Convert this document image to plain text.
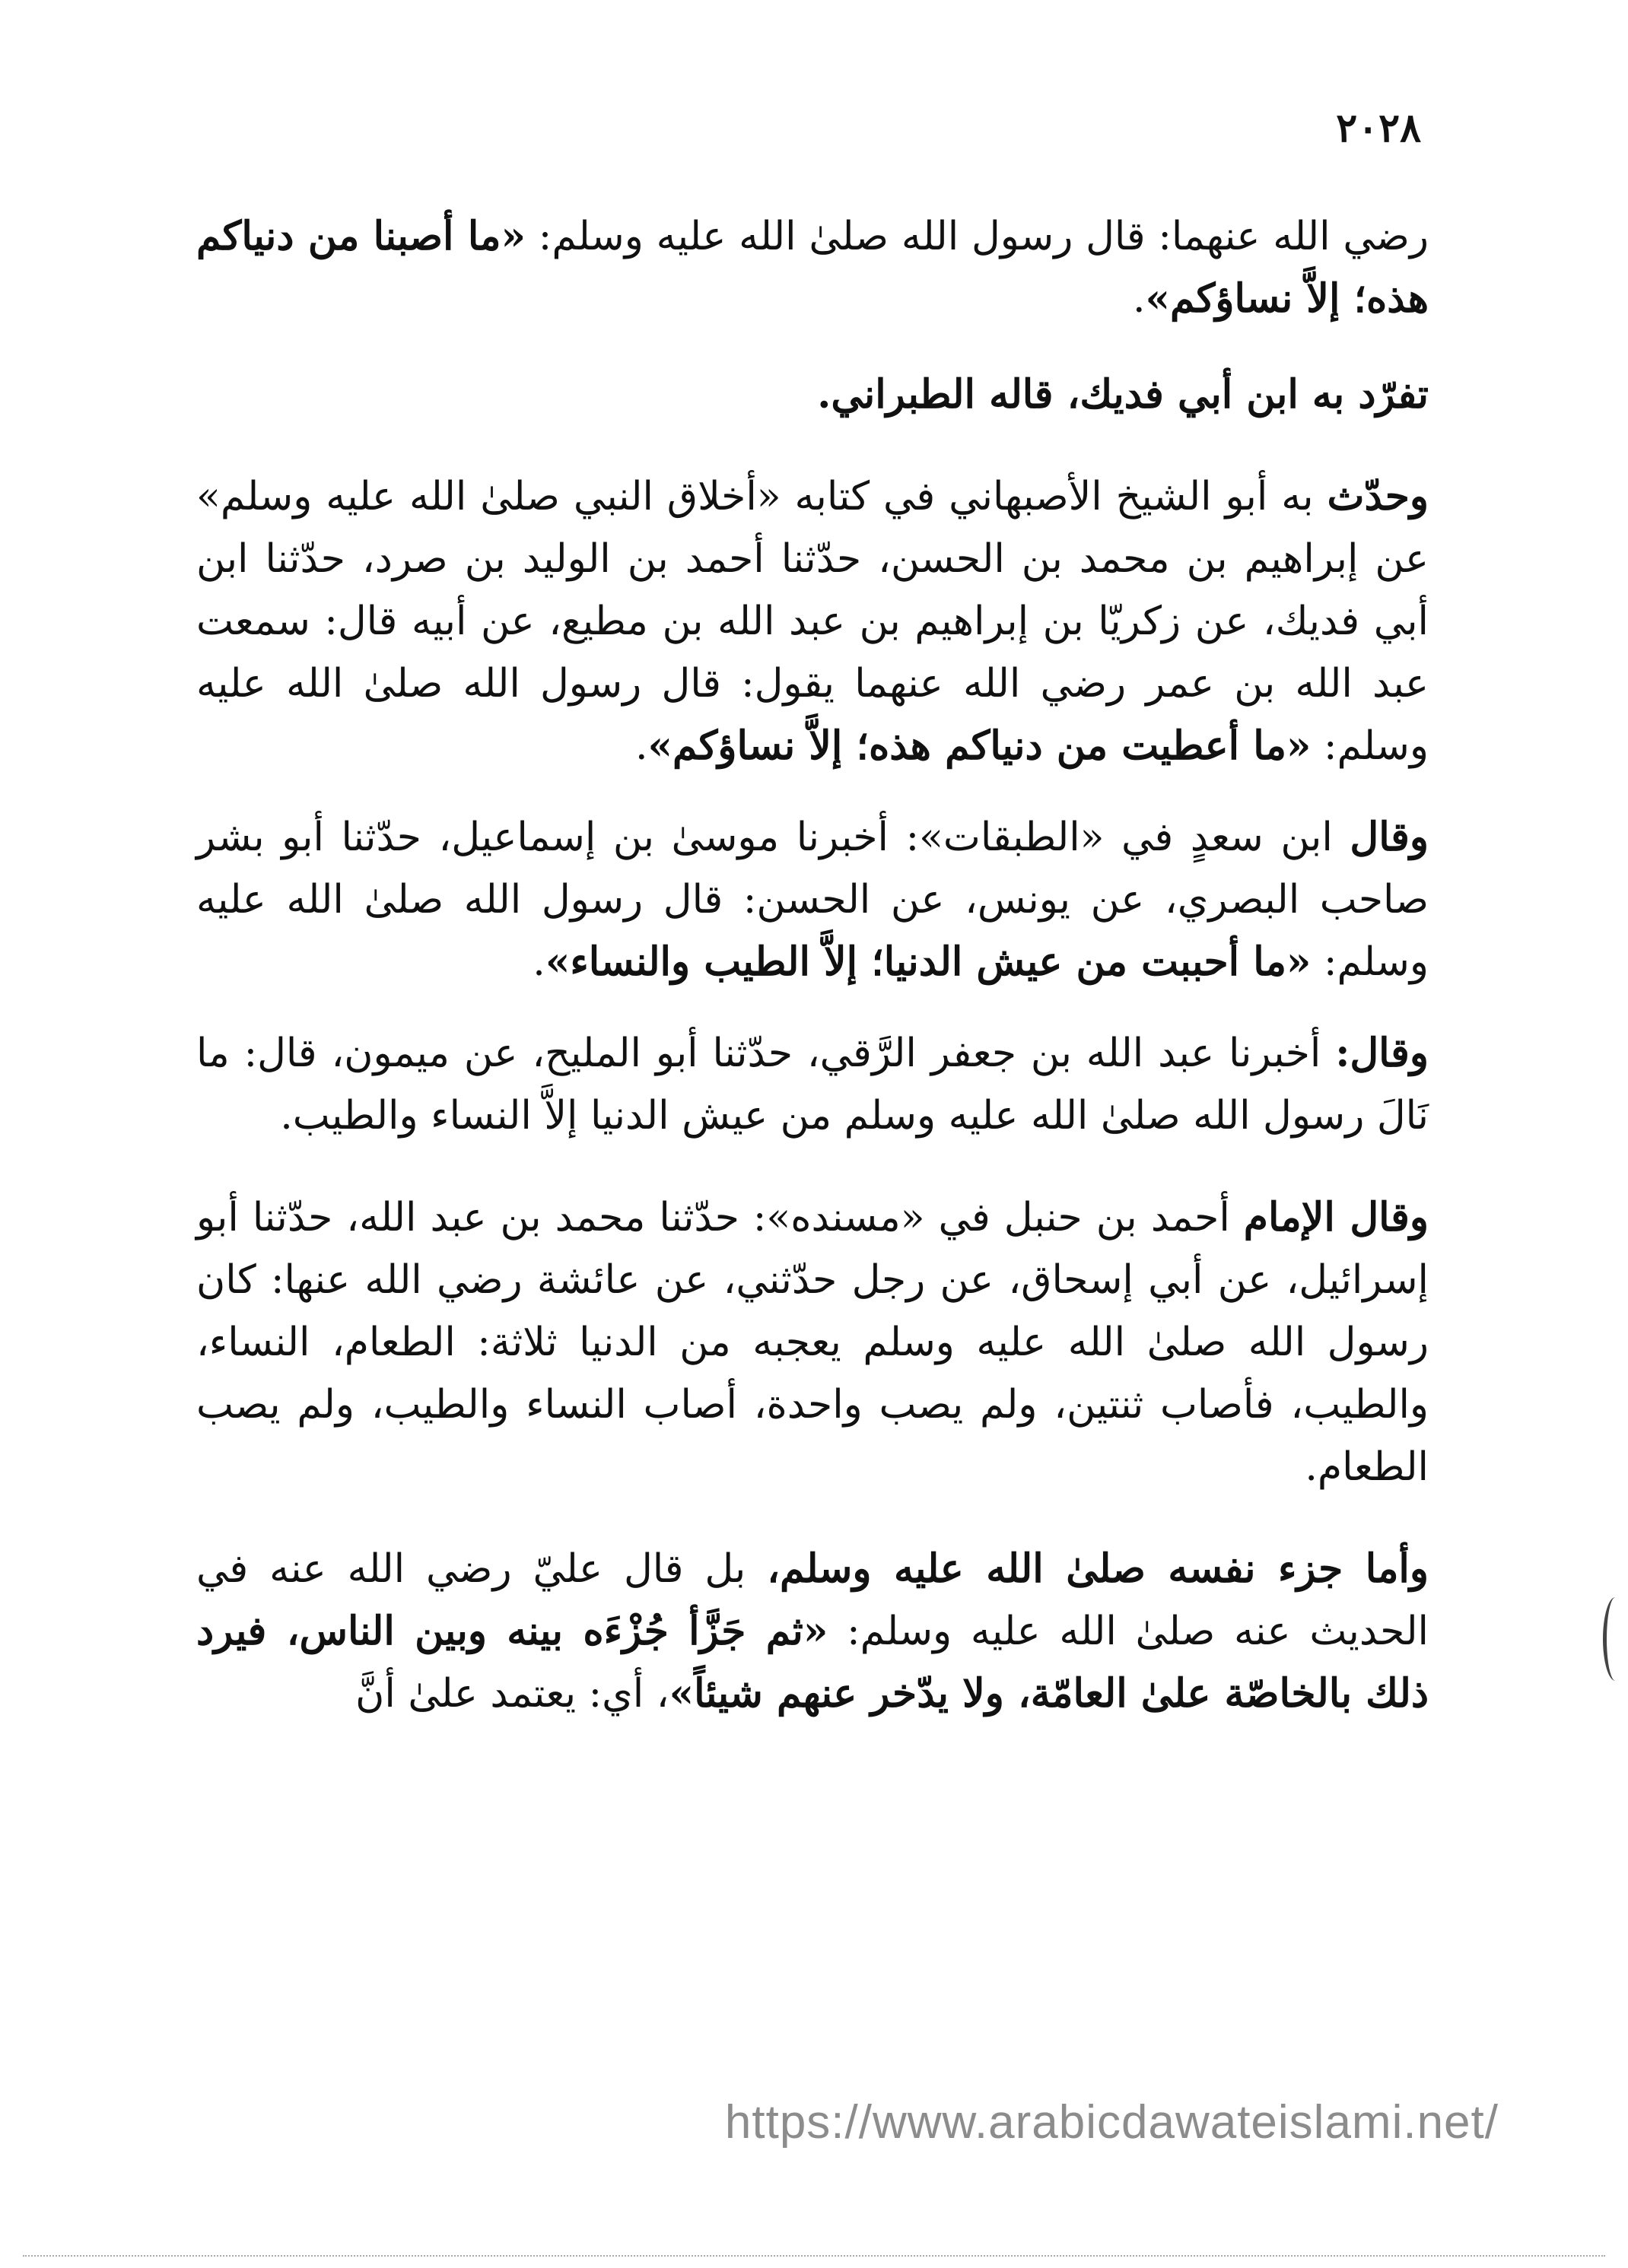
٢٠٢٨

رضي الله عنهما: قال رسول الله صلىٰ الله عليه وسلم: «ما أصبنا من دنياكم هذه؛ إلاَّ نساؤكم».

تفرّد به ابن أبي فديك، قاله الطبراني.

وحدّث به أبو الشيخ الأصبهاني في كتابه «أخلاق النبي صلىٰ الله عليه وسلم» عن إبراهيم بن محمد بن الحسن، حدّثنا أحمد بن الوليد بن صرد، حدّثنا ابن أبي فديك، عن زكريّا بن إبراهيم بن عبد الله بن مطيع، عن أبيه قال: سمعت عبد الله بن عمر رضي الله عنهما يقول: قال رسول الله صلىٰ الله عليه وسلم: «ما أعطيت من دنياكم هذه؛ إلاَّ نساؤكم».

وقال ابن سعدٍ في «الطبقات»: أخبرنا موسىٰ بن إسماعيل، حدّثنا أبو بشر صاحب البصري، عن يونس، عن الحسن: قال رسول الله صلىٰ الله عليه وسلم: «ما أحببت من عيش الدنيا؛ إلاَّ الطيب والنساء».

وقال: أخبرنا عبد الله بن جعفر الرَّقي، حدّثنا أبو المليح، عن ميمون، قال: ما نَالَ رسول الله صلىٰ الله عليه وسلم من عيش الدنيا إلاَّ النساء والطيب.

وقال الإمام أحمد بن حنبل في «مسنده»: حدّثنا محمد بن عبد الله، حدّثنا أبو إسرائيل، عن أبي إسحاق، عن رجل حدّثني، عن عائشة رضي الله عنها: كان رسول الله صلىٰ الله عليه وسلم يعجبه من الدنيا ثلاثة: الطعام، النساء، والطيب، فأصاب ثنتين، ولم يصب واحدة، أصاب النساء والطيب، ولم يصب الطعام.

وأما جزء نفسه صلىٰ الله عليه وسلم، بل قال عليّ رضي الله عنه في الحديث عنه صلىٰ الله عليه وسلم: «ثم جَزَّأ جُزْءَه بينه وبين الناس، فيرد ذلك بالخاصّة علىٰ العامّة، ولا يدّخر عنهم شيئاً»، أي: يعتمد علىٰ أنَّ

https://www.arabicdawateislami.net/
